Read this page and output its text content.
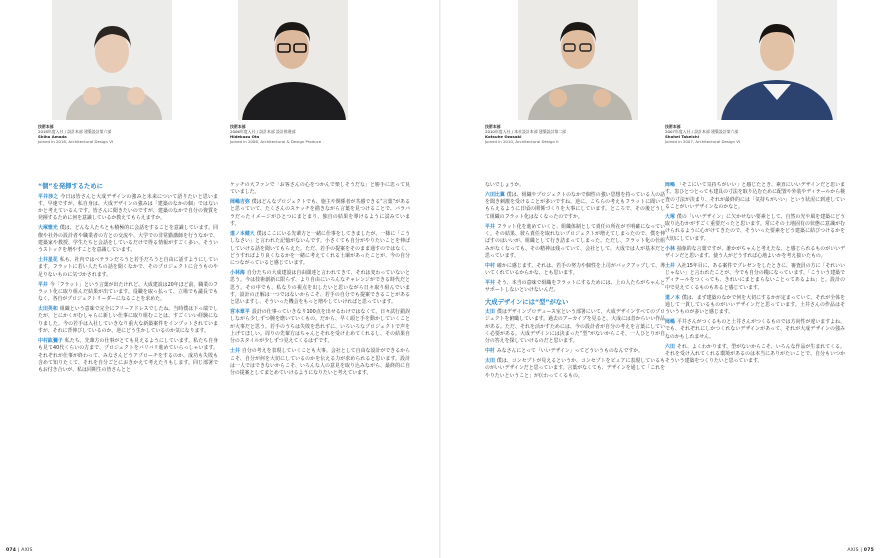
技術本部
2018年度入社 / 設計本部 建築設計第六部
Shiho Amada
Joined in 2018, Architectural Design VI
技術本部
2006年度入社 / 設計本部 設計推進部
Hidekazu Ota
Joined in 2006, Architectural & Design Produce
技術本部
2010年度入社 / 本社設計本部 建築設計第二部
Katsuhe Ozasaki
Joined in 2010, Architectural Design II
技術本部
2007年度入社 / 設計本部 建築設計第六部
Shohei Takeichi
Joined in 2007, Architectural Design VI

“個”を発揮するために

平井渉之 今日は皆さんと大成デザインの強みと未来について語りたいと思います。早速ですが、私自身は、大成デザインの強みは「建築のなかの個」ではないかと考えているんです。皆さんに聞きたいのですが、建築のなかで自分の資質を発揮するために何を意識しているか教えてもらえますか。

大塚雅光 僕は、どんな人たちとも積極的に会話をすることを意識しています。同僚や社外の設計者や職業者の方との交流や、大学での非常勤講師を行うなかで、建築家や教授、学生たちと会話をしているだけで得る情報がすごく多い。そういうストックを増やすことを意識しています。

土井星花 私も、社内ではベテランだろうと若手だろうと自由に話すようにしています。フラットに若い人たちの話を聞くなかで、そのプロジェクトに合うものや足りないものに気づかされます。

平井 今「フラット」という言葉が出たけれど、大成建設は20年ほど前、職業のフラット化に取り組んだ結果が出ています。役職を取っ払って、立場でも議長でもなく、各自がプロジェクトリーダーになることを求めた。

太田英和 組織という意味で完全にフリーアドレスでしたね。当時僕は下っ端でしたが、とにかくがむしゃらに新しい仕事に取り組むことは、すごくいい経験になりました。今の若手は入社していきなり重大な新築案件をインプットされていますが、それに背伸びしているのか、逆にどう生かしているのか気になります。

中村紘彌子 私たち、先輩方の仕事がとても見えるようにしています。私たち自身も見て40代くらいの方まで、プロジェクトをバリバリ進めていらっしゃいます。それぞれが仕事が終わって、みなさんどうアプローチをするのか、成功も失敗も含めて知りたくて、それを自分ごとにおきかえて考えたりもします。同じ部署でもお付き合いが、私は同期生の皆さんとと

ケッチの大ファンで「お客さんの心をつかんで楽しそうだな」と勝手に思って見ていました。

岡嶋吉弥 僕はどんなプロジェクトでも、施主や関係者が共感できる“言葉”があると思っていて、たくさんのスケッチを描きながら言葉を見つけることで、バラバラだったイメージがひとつにまとまり、独自の結果を導けるように試みています。

道ノ本健大 僕はここにいる先輩方と一緒に仕事をしてきましたが、一様に「こうしなさい」と言われた記憶がないんです。小さくても自分がやりたいことを伸ばしていける話を聞いてもらえた。ただ、若手の提案をそのまま通すのではなく、どうすればより良くなるかを一緒に考えてくれる土壌があったことが、今の自分につながっていると感じています。

小林海 自分たちの大成建設は自由闊達と言われてきて、それは変わっていないと思う。今は技術創新に限らず、より自由にいろんなチャレンジができる時代だと思う。その中でも、私なりの視点を出したいと思いながら日々取り組んでいます。設計の正解は一つではないからこそ、若手の自分でも提案できることがあると思いますし、そういった機会をもっと増やしていければと思っています。

宮本章平 設計の仕事っていきなり100点を出せるわけではなくて、日々試行錯誤しながら少しずつ腕を磨いていくもの。だから、早く頭と手を動かしていくことが大事だと思う。若手のうちは失敗を恐れずに、いろいろなプロジェクトで声を上げてほしい。周りの先輩方はちゃんとそれを受け止めてくれるし、その結果自分のスタイルが少しずつ見えてくるはずです。

土井 自分の考えを表現していくことも大事。会社として自由な設計ができるからこそ、自分が何を大切にしているのかを伝える力が求められると思います。設計は一人ではできないからこそ、いろんな人の意見を取り込みながら、最終的に自分の提案としてまとめていけるようになりたいと考えています。

ないでしょうか。

六田比翼 僕は、組織やプロジェクトのなかで個性の強い思想を持っている人の話を聞き刺激を受けることが多いですね。逆に、こちらの考えもフラットに聞いてもらえるように日頃の関係づくりを大事にしています。ところで、その後どうして組織のフラット化はなくなったのですか。

平井 フラット化を進めていくと、組織体制として責任の所在が不明確になっていく。その結果、彼ら責任を取れないプロジェクトが増えてしまったので、僕を伸ばすのはいいが、組織として行き詰まってしまった。ただし、フラット化の仕組みがなくなっても、その精神は残っていて、会社として、大成では人が基本だと思っています。

中村 確かに感じます。それは、若手の努力や個性を上司がバックアップして、導いてくれているからかな、とも思います。

平井 そう、本当の意味で組織をフラットにするためには、上の人たちがちゃんとサポートしないといけないんだ。

大成デザインには“型”がない

太田 僕はデザインプロデュース室という部署にいて、大成デザインすべてのプロジェクトを俯瞰しています。過去のアーカイブを見ると、大成には昔からいい作品がある。ただ、それを活かすためには、今の設計者が自分の考えを言葉にしていく必要がある。大成デザインには決まった“型”がないからこそ、一人ひとりが自分の答えを探していけるのだと思います。

中村 みなさんにとって「いいデザイン」ってどういうものなんですか。

太田 僕は、コンセプトが見えるというか、コンセプトをピュアに表現しているものがいいデザインだと思っています。言葉がなくても、デザインを通して「これをやりたいということ」が伝わってくるもの。

岡嶋 「そこにいて気持ちがいい」と感じたとき、素直にいいデザインだと思います。窓ひとつとっても建具の寸法を取り込むために配置や外装やディテールから検査の寸法が決まり、それが最終的には「気持ちがいい」という状況に到達していることがいいデザインなのかなと。

大塚 僕の「いいデザイン」に欠かせない要素として、自然の光や風を建築にどう取り込むかがすごく重要だったと思います。常にその土地固有の状態に意識がむけられるように心がけてきたので、そういった要素をどう建築に結びつけるかを大切にしています。

小林 抽象的な言葉ですが、誰かがちゃんと考えたな、と感じられるものがいいデザインだと思います。使う人がどうすれば心地よいかを考え抜いたもの。

土井 入社15年目に、ある案件でプレゼンをしたときに、審査員の方に「それいいじゃない」と言われたことが、今でも自分の糧になっています。「こういう建築でディテールをつくっても、きれいにまとまらないことってあるよね」と。設計の中で見えてくるものもあると感じています。

道ノ本 僕は、まず建築のなかで何を大切にするかが定まっていて、それが全体を通して一貫しているものがいいデザインだと思っています。土井さんの作品はそういうものが多いと感じます。

岡嶋 平井さんがつくるものと土井さんがつくるものでは方向性が違いますよね。でも、それぞれにしかつくれないデザインがあって、それが大成デザインの強みなのかもしれません。

六田 それ、よくわかります。型がないからこそ、いろんな作品が生まれてくる。それを受け入れてくれる環境があるのは本当にありがたいことで、自分もいつかそういう建築をつくりたいと思っています。

074 | AXIS	AXIS | 075
